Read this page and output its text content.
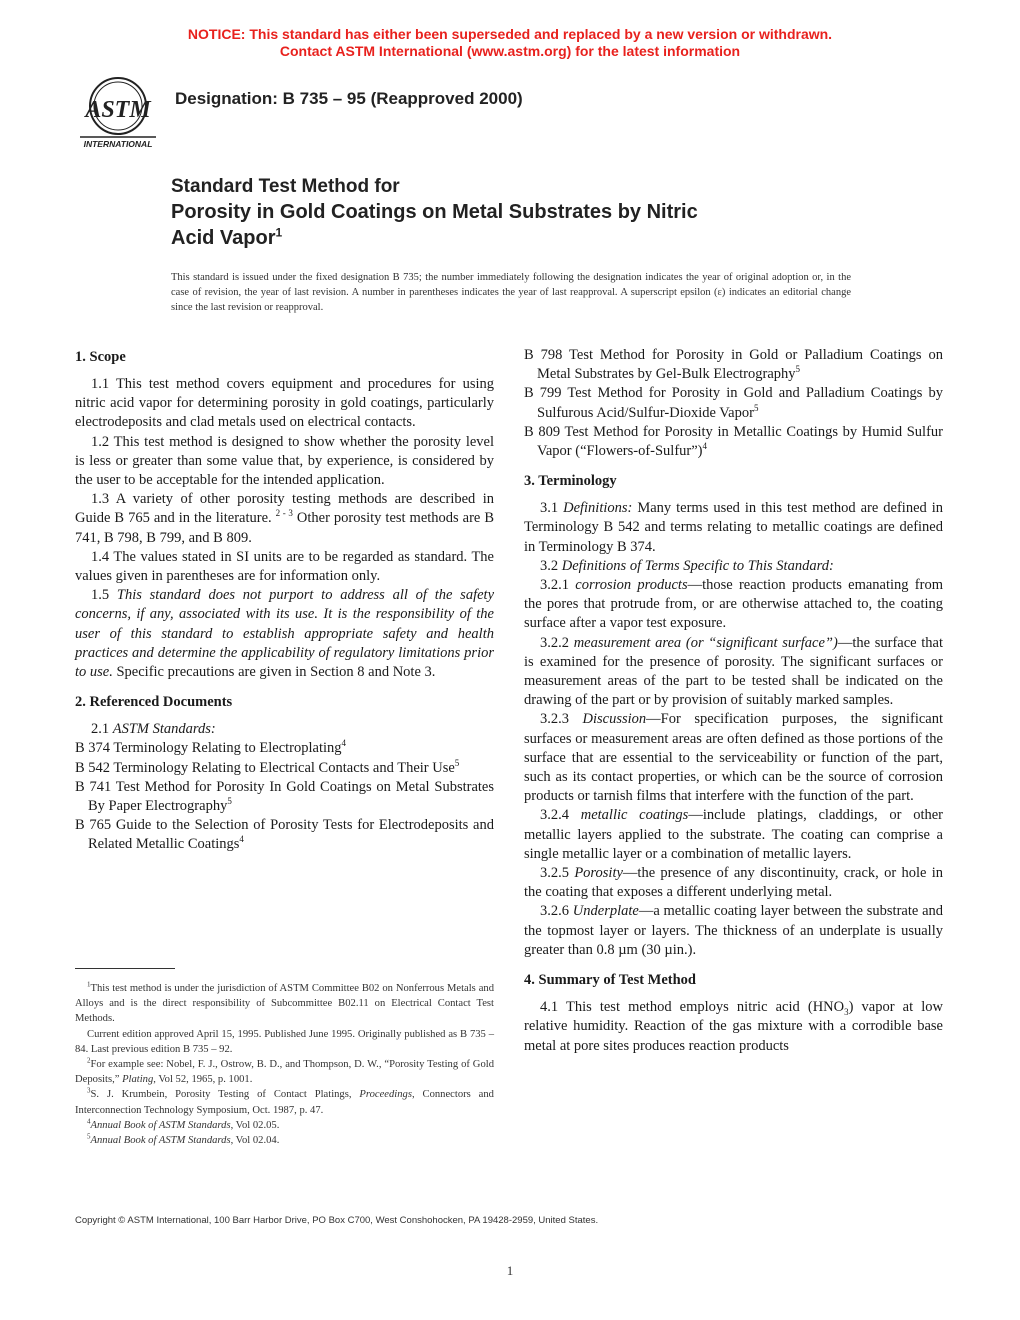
NOTICE: This standard has either been superseded and replaced by a new version or withdrawn.
Contact ASTM International (www.astm.org) for the latest information
ASTM
INTERNATIONAL
Designation: B 735 – 95 (Reapproved 2000)
Standard Test Method for
Porosity in Gold Coatings on Metal Substrates by Nitric
Acid Vapor$^1$
This standard is issued under the fixed designation B 735; the number immediately following the designation indicates the year of original adoption or, in the case of revision, the year of last revision. A number in parentheses indicates the year of last reapproval. A superscript epsilon (ε) indicates an editorial change since the last revision or reapproval.
1. Scope

1.1 This test method covers equipment and procedures for using nitric acid vapor for determining porosity in gold coatings, particularly electrodeposits and clad metals used on electrical contacts.

1.2 This test method is designed to show whether the porosity level is less or greater than some value that, by experience, is considered by the user to be acceptable for the intended application.

1.3 A variety of other porosity testing methods are described in Guide B 765 and in the literature. $^{2 - 3}$ Other porosity test methods are B 741, B 798, B 799, and B 809.

1.4 The values stated in SI units are to be regarded as standard. The values given in parentheses are for information only.

1.5 This standard does not purport to address all of the safety concerns, if any, associated with its use. It is the responsibility of the user of this standard to establish appropriate safety and health practices and determine the applicability of regulatory limitations prior to use. Specific precautions are given in Section 8 and Note 3.

2. Referenced Documents

2.1 ASTM Standards:

B 374 Terminology Relating to Electroplating$^4$

B 542 Terminology Relating to Electrical Contacts and Their Use$^5$

B 741 Test Method for Porosity In Gold Coatings on Metal Substrates By Paper Electrography$^5$

B 765 Guide to the Selection of Porosity Tests for Electrodeposits and Related Metallic Coatings$^4$

B 798 Test Method for Porosity in Gold or Palladium Coatings on Metal Substrates by Gel-Bulk Electrography$^5$

B 799 Test Method for Porosity in Gold and Palladium Coatings by Sulfurous Acid/Sulfur-Dioxide Vapor$^5$

B 809 Test Method for Porosity in Metallic Coatings by Humid Sulfur Vapor (“Flowers-of-Sulfur”)$^4$

3. Terminology

3.1 Definitions: Many terms used in this test method are defined in Terminology B 542 and terms relating to metallic coatings are defined in Terminology B 374.

3.2 Definitions of Terms Specific to This Standard:

3.2.1 corrosion products—those reaction products emanating from the pores that protrude from, or are otherwise attached to, the coating surface after a vapor test exposure.

3.2.2 measurement area (or “significant surface”)—the surface that is examined for the presence of porosity. The significant surfaces or measurement areas of the part to be tested shall be indicated on the drawing of the part or by provision of suitably marked samples.

3.2.3 Discussion—For specification purposes, the significant surfaces or measurement areas are often defined as those portions of the surface that are essential to the serviceability or function of the part, such as its contact properties, or which can be the source of corrosion products or tarnish films that interfere with the function of the part.

3.2.4 metallic coatings—include platings, claddings, or other metallic layers applied to the substrate. The coating can comprise a single metallic layer or a combination of metallic layers.

3.2.5 Porosity—the presence of any discontinuity, crack, or hole in the coating that exposes a different underlying metal.

3.2.6 Underplate—a metallic coating layer between the substrate and the topmost layer or layers. The thickness of an underplate is usually greater than 0.8 µm (30 µin.).

4. Summary of Test Method

4.1 This test method employs nitric acid $(HNO_3)$ vapor at low relative humidity. Reaction of the gas mixture with a corrodible base metal at pore sites produces reaction products

$^1$This test method is under the jurisdiction of ASTM Committee B02 on Nonferrous Metals and Alloys and is the direct responsibility of Subcommittee B02.11 on Electrical Contact Test Methods.

Current edition approved April 15, 1995. Published June 1995. Originally published as B 735 – 84. Last previous edition B 735 – 92.

$^2$For example see: Nobel, F. J., Ostrow, B. D., and Thompson, D. W., “Porosity Testing of Gold Deposits,” Plating, Vol 52, 1965, p. 1001.

$^3$S. J. Krumbein, Porosity Testing of Contact Platings, Proceedings, Connectors and Interconnection Technology Symposium, Oct. 1987, p. 47.

$^4$Annual Book of ASTM Standards, Vol 02.05.

$^5$Annual Book of ASTM Standards, Vol 02.04.

Copyright © ASTM International, 100 Barr Harbor Drive, PO Box C700, West Conshohocken, PA 19428-2959, United States.
1
